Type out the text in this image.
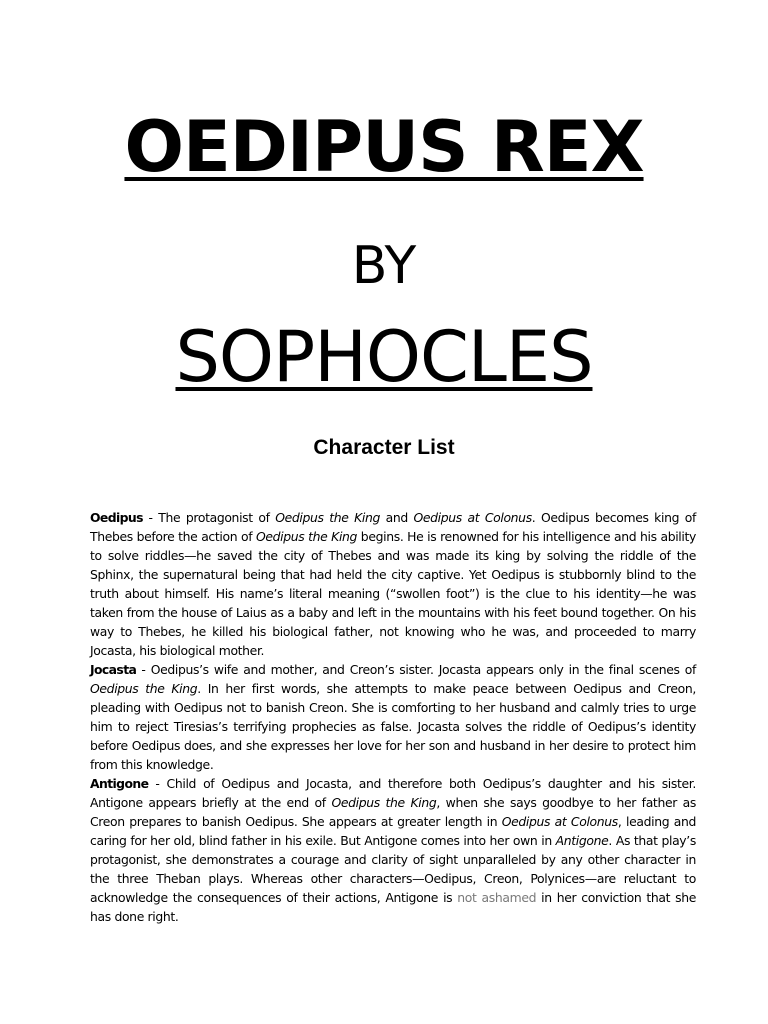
OEDIPUS REX
BY
SOPHOCLES
Character List

Oedipus - The protagonist of Oedipus the King and Oedipus at Colonus. Oedipus becomes king of Thebes before the action of Oedipus the King begins. He is renowned for his intelligence and his ability to solve riddles—he saved the city of Thebes and was made its king by solving the riddle of the Sphinx, the supernatural being that had held the city captive. Yet Oedipus is stubbornly blind to the truth about himself. His name’s literal meaning (“swollen foot”) is the clue to his identity—he was taken from the house of Laius as a baby and left in the mountains with his feet bound together. On his way to Thebes, he killed his biological father, not knowing who he was, and proceeded to marry Jocasta, his biological mother.

Jocasta - Oedipus’s wife and mother, and Creon’s sister. Jocasta appears only in the final scenes of Oedipus the King. In her first words, she attempts to make peace between Oedipus and Creon, pleading with Oedipus not to banish Creon. She is comforting to her husband and calmly tries to urge him to reject Tiresias’s terrifying prophecies as false. Jocasta solves the riddle of Oedipus’s identity before Oedipus does, and she expresses her love for her son and husband in her desire to protect him from this knowledge.

Antigone - Child of Oedipus and Jocasta, and therefore both Oedipus’s daughter and his sister. Antigone appears briefly at the end of Oedipus the King, when she says goodbye to her father as Creon prepares to banish Oedipus. She appears at greater length in Oedipus at Colonus, leading and caring for her old, blind father in his exile. But Antigone comes into her own in Antigone. As that play’s protagonist, she demonstrates a courage and clarity of sight unparalleled by any other character in the three Theban plays. Whereas other characters—Oedipus, Creon, Polynices—are reluctant to acknowledge the consequences of their actions, Antigone is not ashamed in her conviction that she has done right.
